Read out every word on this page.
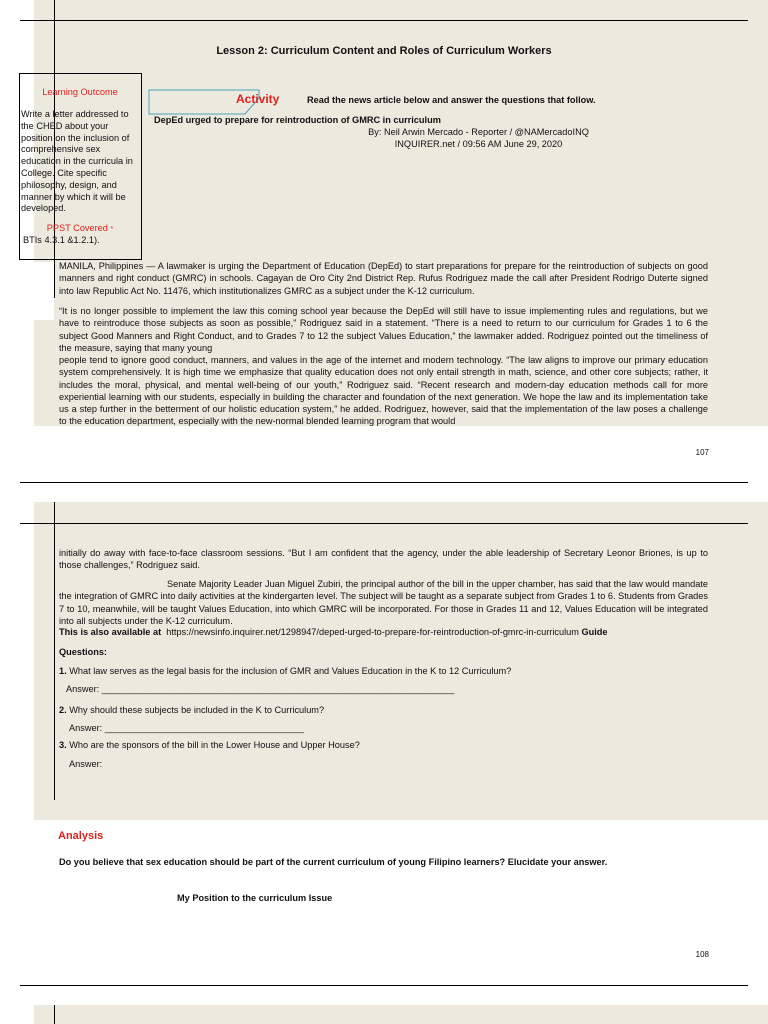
Lesson 2: Curriculum Content and Roles of Curriculum Workers
Learning Outcome
Write a letter addressed to the CHED about your position on the inclusion of comprehensive sex education in the curricula in College. Cite specific philosophy, design, and manner by which it will be developed.
PPST Covered *
BTIs 4.3.1 &1.2.1).
Activity	Read the news article below and answer the questions that follow.
DepEd urged to prepare for reintroduction of GMRC in curriculum
By: Neil Arwin Mercado - Reporter / @NAMercadoINQ
INQUIRER.net / 09:56 AM June 29, 2020
MANILA, Philippines — A lawmaker is urging the Department of Education (DepEd) to start preparations for prepare for the reintroduction of subjects on good manners and right conduct (GMRC) in schools. Cagayan de Oro City 2nd District Rep. Rufus Rodriguez made the call after President Rodrigo Duterte signed into law Republic Act No. 11476, which institutionalizes GMRC as a subject under the K-12 curriculum.
“It is no longer possible to implement the law this coming school year because the DepEd will still have to issue implementing rules and regulations, but we have to reintroduce those subjects as soon as possible,” Rodriguez said in a statement. “There is a need to return to our curriculum for Grades 1 to 6 the subject Good Manners and Right Conduct, and to Grades 7 to 12 the subject Values Education,” the lawmaker added. Rodriguez pointed out the timeliness of the measure, saying that many young
people tend to ignore good conduct, manners, and values in the age of the internet and modern technology. “The law aligns to improve our primary education system comprehensively. It is high time we emphasize that quality education does not only entail strength in math, science, and other core subjects; rather, it includes the moral, physical, and mental well-being of our youth,” Rodriguez said. “Recent research and modern-day education methods call for more experiential learning with our students, especially in building the character and foundation of the next generation. We hope the law and its implementation take us a step further in the betterment of our holistic education system,” he added. Rodriguez, however, said that the implementation of the law poses a challenge to the education department, especially with the new-normal blended learning program that would
107
initially do away with face-to-face classroom sessions. “But I am confident that the agency, under the able leadership of Secretary Leonor Briones, is up to those challenges,” Rodriguez said.
Senate Majority Leader Juan Miguel Zubiri, the principal author of the bill in the upper chamber, has said that the law would mandate the integration of GMRC into daily activities at the kindergarten level. The subject will be taught as a separate subject from Grades 1 to 6. Students from Grades 7 to 10, meanwhile, will be taught Values Education, into which GMRC will be incorporated. For those in Grades 11 and 12, Values Education will be integrated into all subjects under the K-12 curriculum.
This is also available at https://newsinfo.inquirer.net/1298947/deped-urged-to-prepare-for-reintroduction-of-gmrc-in-curriculum Guide
Questions:
1. What law serves as the legal basis for the inclusion of GMR and Values Education in the K to 12 Curriculum?
Answer: _____________________________________________________________________
2. Why should these subjects be included in the K to Curriculum?
Answer: _______________________________________
3. Who are the sponsors of the bill in the Lower House and Upper House?
Answer:
Analysis
Do you believe that sex education should be part of the current curriculum of young Filipino learners? Elucidate your answer.
My Position to the curriculum Issue
108
